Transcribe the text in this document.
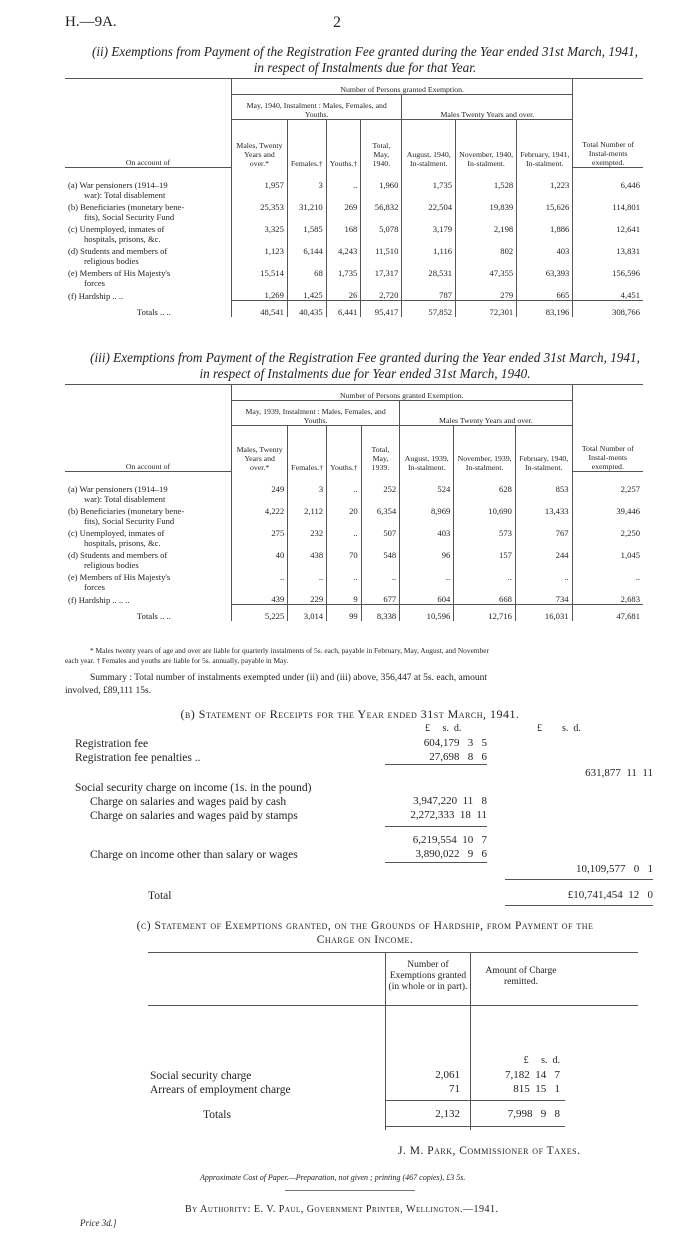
H.—9A.	2
(ii) Exemptions from Payment of the Registration Fee granted during the Year ended 31st March, 1941,
in respect of Instalments due for that Year.
On account of	Number of Persons granted Exemption.							Total Number of Instal-ments exempted.
	May, 1940, Instalment : Males, Females, and Youths.				Males Twenty Years and over.			
	Males, Twenty Years and over.*	Females.†	Youths.†	Total, May, 1940.	August, 1940, In-stalment.	November, 1940, In-stalment.	February, 1941, In-stalment.	

(a) War pensioners (1914–19
war): Total disablement	1,957	3	..	1,960	1,735	1,528	1,223	6,446

(b) Beneficiaries (monetary bene-
fits), Social Security Fund	25,353	31,210	269	56,832	22,504	19,839	15,626	114,801

(c) Unemployed, inmates of
hospitals, prisons, &c.	3,325	1,585	168	5,078	3,179	2,198	1,886	12,641

(d) Students and members of
religious bodies	1,123	6,144	4,243	11,510	1,116	802	403	13,831

(e) Members of His Majesty's
forces	15,514	68	1,735	17,317	28,531	47,355	63,393	156,596

(f) Hardship .. ..	1,269	1,425	26	2,720	787	279	665	4,451
Totals .. ..	48,541	40,435	6,441	95,417	57,852	72,301	83,196	308,766
(iii) Exemptions from Payment of the Registration Fee granted during the Year ended 31st March, 1941,
in respect of Instalments due for Year ended 31st March, 1940.
On account of	Number of Persons granted Exemption.							Total Number of Instal-ments exempted.
	May, 1939, Instalment : Males, Females, and Youths.				Males Twenty Years and over.			
	Males, Twenty Years and over.*	Females.†	Youths.†	Total, May, 1939.	August, 1939, In-stalment.	November, 1939, In-stalment.	February, 1940, In-stalment.	

(a) War pensioners (1914–19
war): Total disablement	249	3	..	252	524	628	853	2,257

(b) Beneficiaries (monetary bene-
fits), Social Security Fund	4,222	2,112	20	6,354	8,969	10,690	13,433	39,446

(c) Unemployed, inmates of
hospitals, prisons, &c.	275	232	..	507	403	573	767	2,250

(d) Students and members of
religious bodies	40	438	70	548	96	157	244	1,045

(e) Members of His Majesty's
forces	..	..	..	..	..	..	..	..

(f) Hardship .. .. ..	439	229	9	677	604	668	734	2,683
Totals .. ..	5,225	3,014	99	8,338	10,596	12,716	16,031	47,681
* Males twenty years of age and over are liable for quarterly instalments of 5s. each, payable in February, May, August, and November
each year. † Females and youths are liable for 5s. annually, payable in May.
Summary : Total number of instalments exempted under (ii) and (iii) above, 356,447 at 5s. each, amount
involved, £89,111 15s.
(b) Statement of Receipts for the Year ended 31st March, 1941.
£     s.  d.	£        s.  d.
Registration fee	604,179   3   5
Registration fee penalties ..	27,698   8   6
631,877  11  11
Social security charge on income (1s. in the pound)
Charge on salaries and wages paid by cash	3,947,220  11   8
Charge on salaries and wages paid by stamps	2,272,333  18  11
6,219,554  10   7
Charge on income other than salary or wages	3,890,022   9   6
10,109,577   0   1
Total	£10,741,454  12   0
(c) Statement of Exemptions granted, on the Grounds of Hardship, from Payment of the
Charge on Income.
Number of Exemptions granted (in whole or in part).
Amount of Charge remitted.
£     s.  d.
Social security charge	2,061	7,182  14   7
Arrears of employment charge	71	815  15   1
Totals	2,132	7,998   9   8
J. M. Park, Commissioner of Taxes.
Approximate Cost of Paper.—Preparation, not given ; printing (467 copies), £3 5s.
By Authority: E. V. Paul, Government Printer, Wellington.—1941.
Price 3d.]
